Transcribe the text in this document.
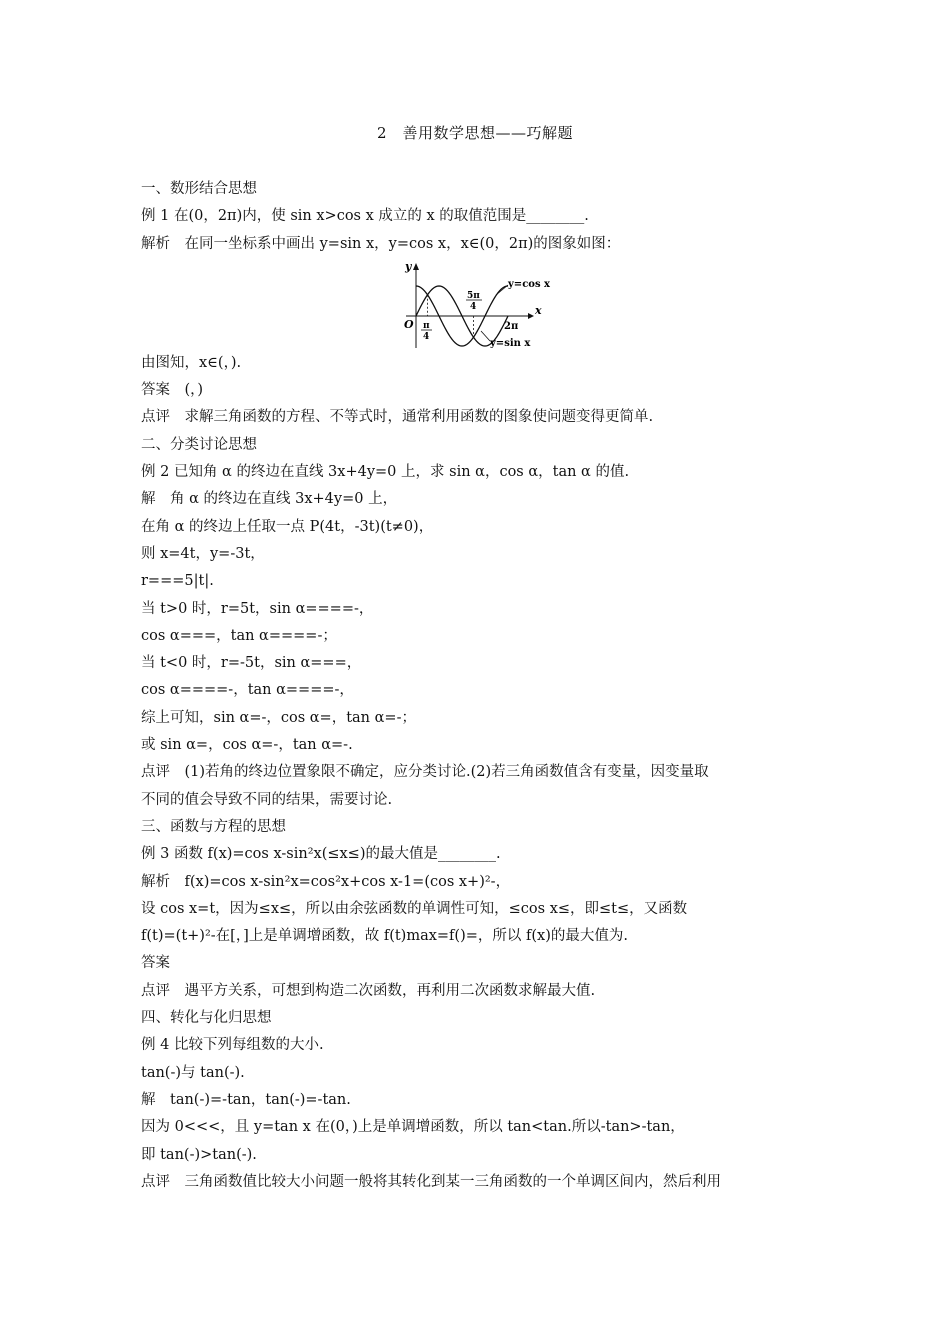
2　善用数学思想——巧解题
一、数形结合思想
例 1 在(0，2π)内，使 sin x>cos x 成立的 x 的取值范围是________.
解析　在同一坐标系中画出 y=sin x，y=cos x，x∈(0，2π)的图象如图：
y
x
O π
4
5π
4
2π
y=cos x
y=sin x
由图知，x∈(，).
答案　(，)
点评　求解三角函数的方程、不等式时，通常利用函数的图象使问题变得更简单.
二、分类讨论思想
例 2 已知角 α 的终边在直线 3x+4y=0 上，求 sin α，cos α，tan α 的值.
解　角 α 的终边在直线 3x+4y=0 上，
在角 α 的终边上任取一点 P(4t，-3t)(t≠0)，
则 x=4t，y=-3t，
r===5|t|.
当 t>0 时，r=5t，sin α====-，
cos α===，tan α====-；
当 t<0 时，r=-5t，sin α===，
cos α====-，tan α====-，
综上可知，sin α=-，cos α=，tan α=-；
或 sin α=，cos α=-，tan α=-.
点评　(1)若角的终边位置象限不确定，应分类讨论.(2)若三角函数值含有变量，因变量取
不同的值会导致不同的结果，需要讨论.
三、函数与方程的思想
例 3 函数 f(x)=cos x-sin²x(≤x≤)的最大值是________.
解析　f(x)=cos x-sin²x=cos²x+cos x-1=(cos x+)²-，
设 cos x=t，因为≤x≤，所以由余弦函数的单调性可知，≤cos x≤，即≤t≤，又函数
f(t)=(t+)²-在[，]上是单调增函数，故 f(t)max=f()=，所以 f(x)的最大值为.
答案
点评　遇平方关系，可想到构造二次函数，再利用二次函数求解最大值.
四、转化与化归思想
例 4 比较下列每组数的大小.
tan(-)与 tan(-).
解　tan(-)=-tan，tan(-)=-tan.
因为 0<<<，且 y=tan x 在(0，)上是单调增函数，所以 tan<tan.所以-tan>-tan，
即 tan(-)>tan(-).
点评　三角函数值比较大小问题一般将其转化到某一三角函数的一个单调区间内，然后利用
